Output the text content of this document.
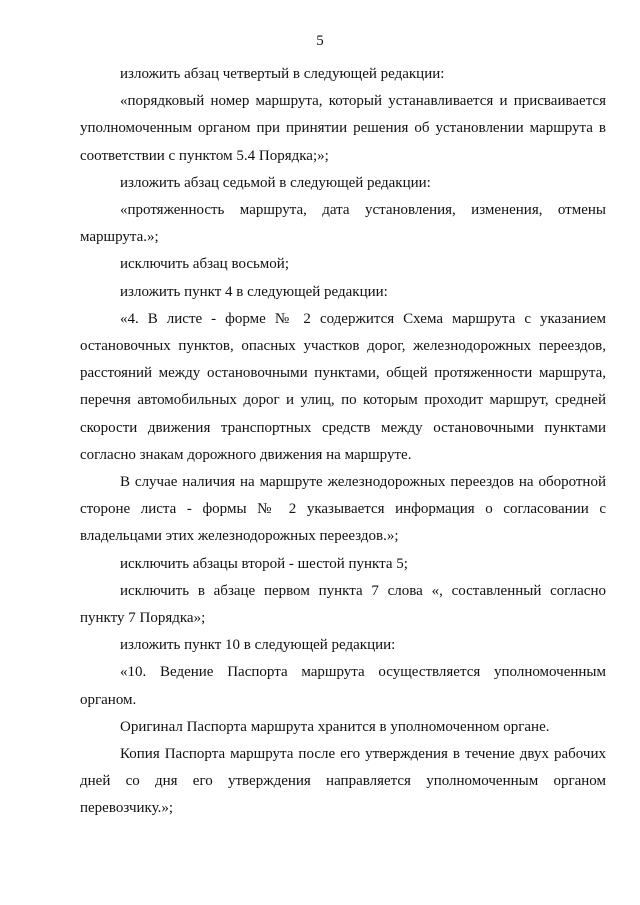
5

изложить абзац четвертый в следующей редакции:

«порядковый номер маршрута, который устанавливается и присваивается уполномоченным органом при принятии решения об установлении маршрута в соответствии с пунктом 5.4 Порядка;»;

изложить абзац седьмой в следующей редакции:

«протяженность маршрута, дата установления, изменения, отмены маршрута.»;

исключить абзац восьмой;

изложить пункт 4 в следующей редакции:

«4. В листе - форме № 2 содержится Схема маршрута с указанием остановочных пунктов, опасных участков дорог, железнодорожных переездов, расстояний между остановочными пунктами, общей протяженности маршрута, перечня автомобильных дорог и улиц, по которым проходит маршрут, средней скорости движения транспортных средств между остановочными пунктами согласно знакам дорожного движения на маршруте.

В случае наличия на маршруте железнодорожных переездов на оборотной стороне листа - формы № 2 указывается информация о согласовании с владельцами этих железнодорожных переездов.»;

исключить абзацы второй - шестой пункта 5;

исключить в абзаце первом пункта 7 слова «, составленный согласно пункту 7 Порядка»;

изложить пункт 10 в следующей редакции:

«10. Ведение Паспорта маршрута осуществляется уполномоченным органом.

Оригинал Паспорта маршрута хранится в уполномоченном органе.

Копия Паспорта маршрута после его утверждения в течение двух рабочих дней со дня его утверждения направляется уполномоченным органом перевозчику.»;
